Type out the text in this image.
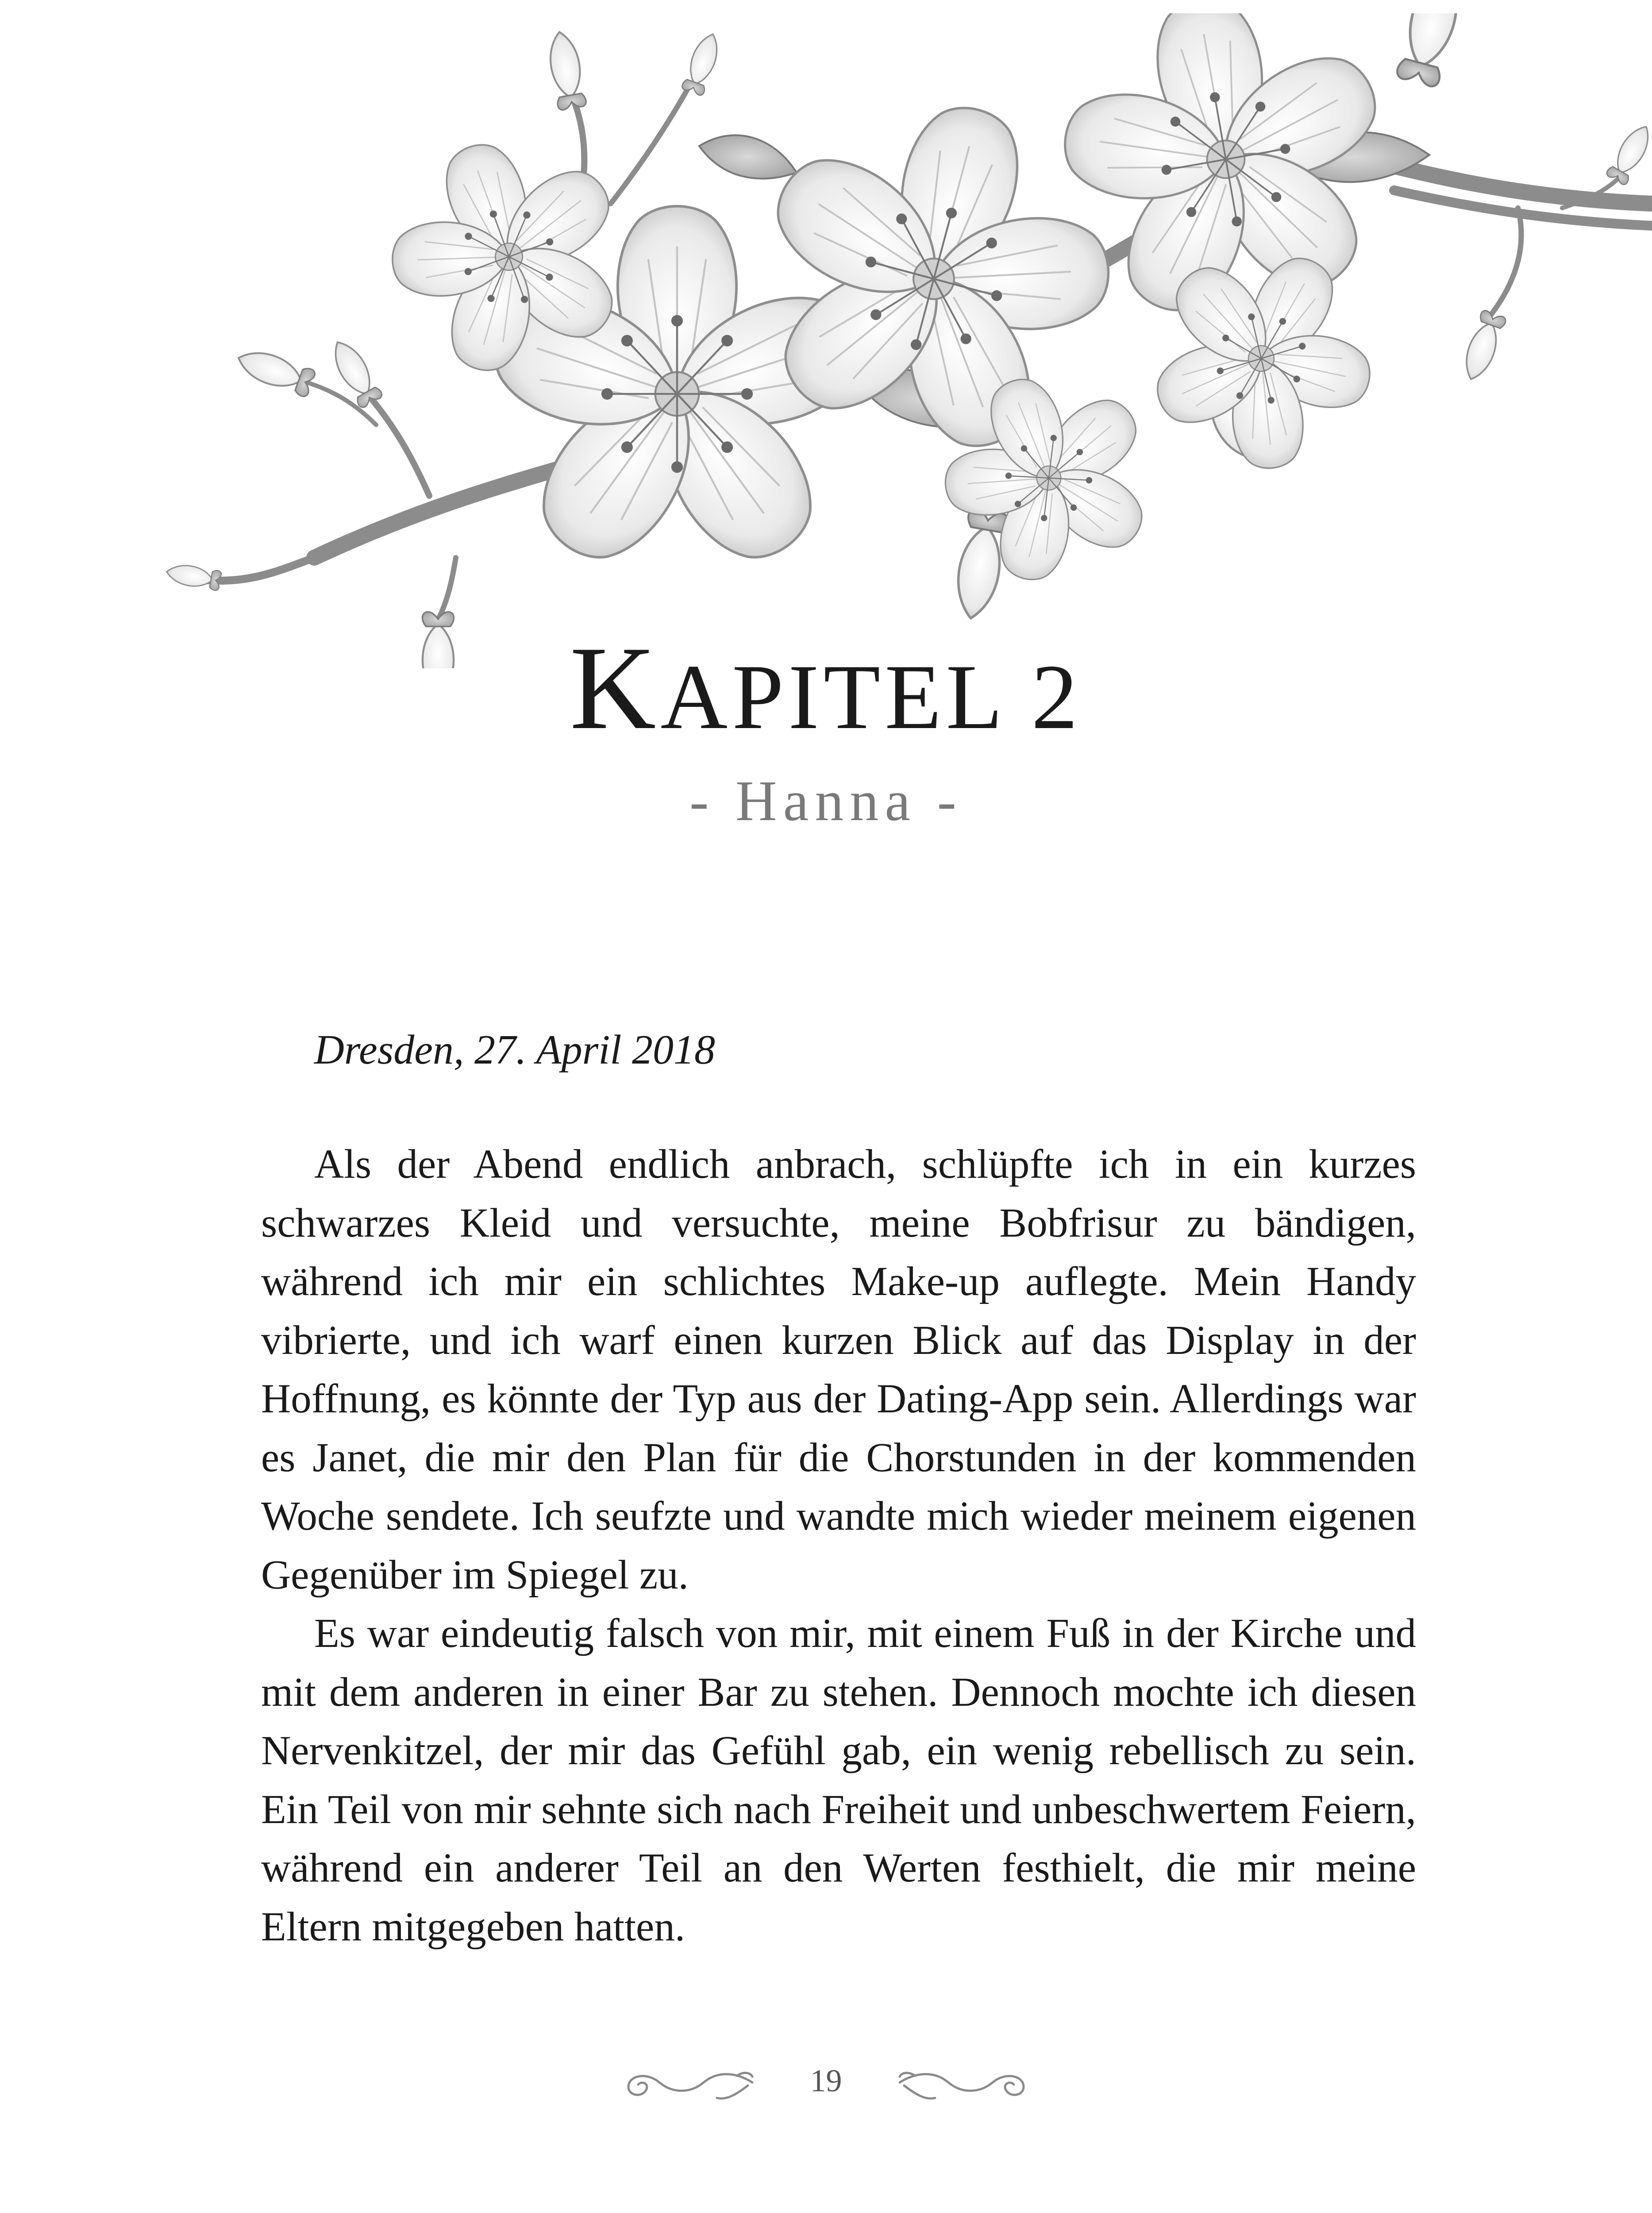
KAPITEL 2
- Hanna -
Dresden, 27. April 2018

Als der Abend endlich anbrach, schlüpfte ich in ein kurzes schwarzes Kleid und versuchte, meine Bobfrisur zu bändigen, während ich mir ein schlichtes Make-up auflegte. Mein Handy vibrierte, und ich warf einen kurzen Blick auf das Display in der Hoffnung, es könnte der Typ aus der Dating-App sein. Allerdings war es Janet, die mir den Plan für die Chorstunden in der kommenden Woche sendete. Ich seufzte und wandte mich wieder meinem eigenen Gegenüber im Spiegel zu.

Es war eindeutig falsch von mir, mit einem Fuß in der Kirche und mit dem anderen in einer Bar zu stehen. Dennoch mochte ich diesen Nervenkitzel, der mir das Gefühl gab, ein wenig rebellisch zu sein. Ein Teil von mir sehnte sich nach Freiheit und unbeschwertem Feiern, während ein anderer Teil an den Werten festhielt, die mir meine Eltern mitgegeben hatten.

19
